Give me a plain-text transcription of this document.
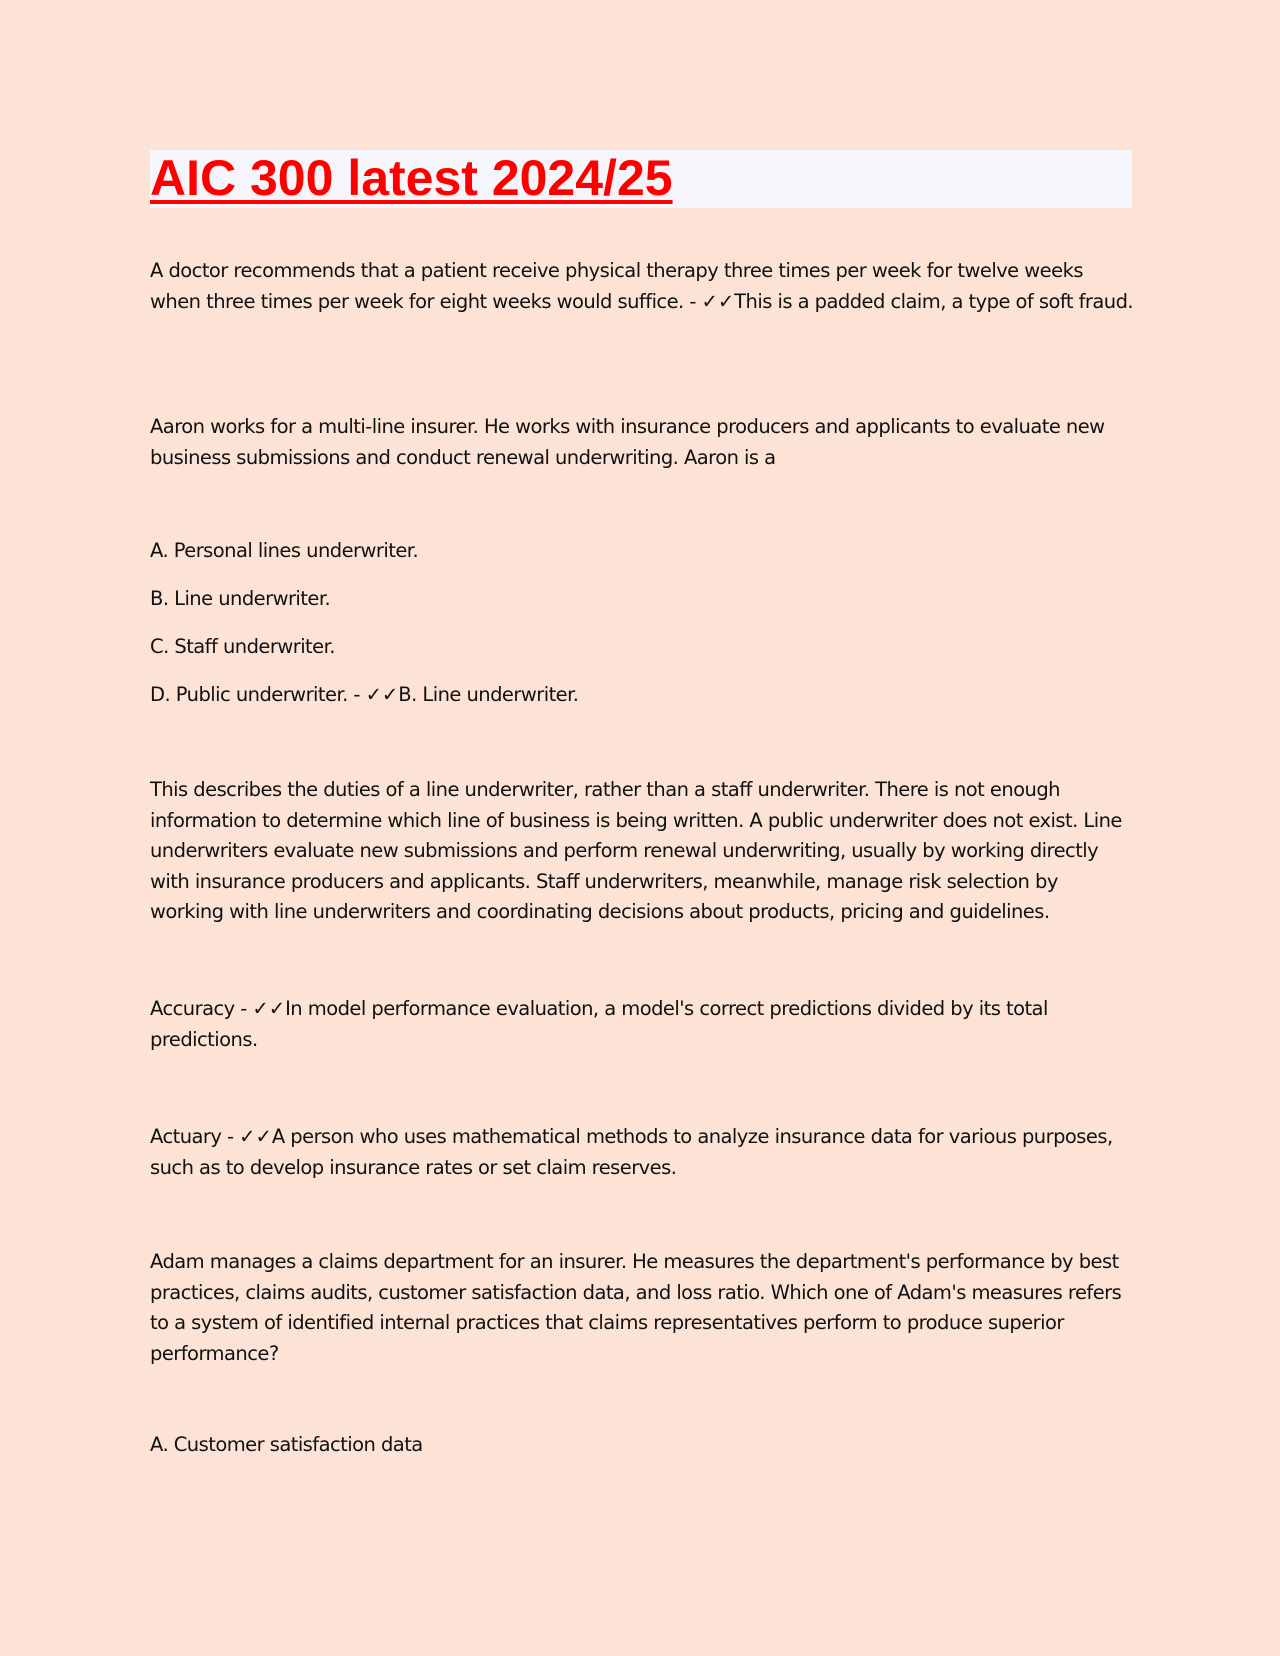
AIC 300 latest 2024/25

A doctor recommends that a patient receive physical therapy three times per week for twelve weeks when three times per week for eight weeks would suffice. - ✓✓This is a padded claim, a type of soft fraud.

Aaron works for a multi-line insurer. He works with insurance producers and applicants to evaluate new business submissions and conduct renewal underwriting. Aaron is a

A. Personal lines underwriter.

B. Line underwriter.

C. Staff underwriter.

D. Public underwriter. - ✓✓B. Line underwriter.

This describes the duties of a line underwriter, rather than a staff underwriter. There is not enough information to determine which line of business is being written. A public underwriter does not exist. Line underwriters evaluate new submissions and perform renewal underwriting, usually by working directly with insurance producers and applicants. Staff underwriters, meanwhile, manage risk selection by working with line underwriters and coordinating decisions about products, pricing and guidelines.

Accuracy - ✓✓In model performance evaluation, a model's correct predictions divided by its total predictions.

Actuary - ✓✓A person who uses mathematical methods to analyze insurance data for various purposes, such as to develop insurance rates or set claim reserves.

Adam manages a claims department for an insurer. He measures the department's performance by best practices, claims audits, customer satisfaction data, and loss ratio. Which one of Adam's measures refers to a system of identified internal practices that claims representatives perform to produce superior performance?

A. Customer satisfaction data
